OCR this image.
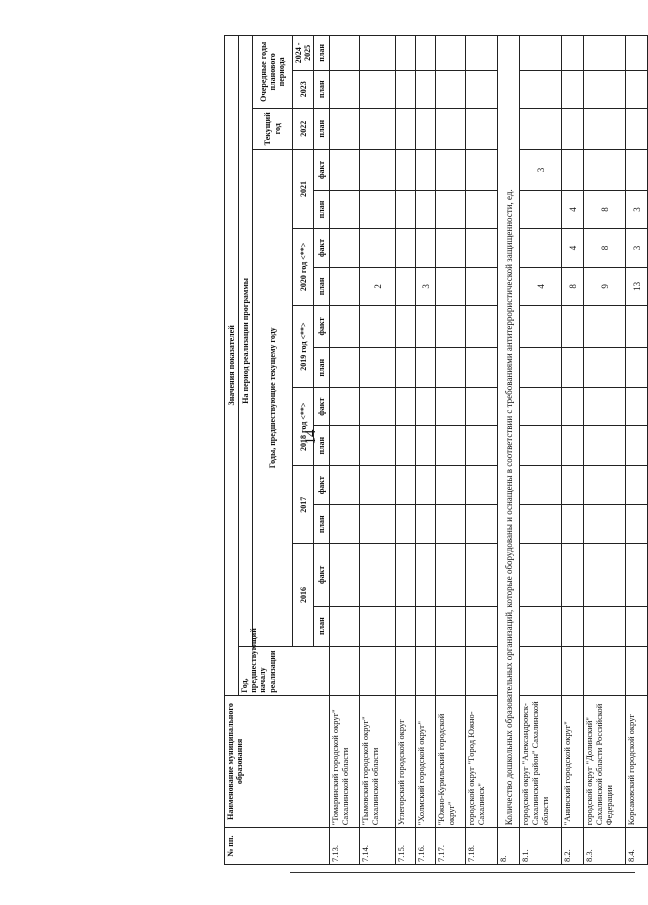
14
№ пп.	Наименование муниципального образования	Значения показателей															
		Год, предшествующий началу реализации	На период реализации программы														
			Годы, предшествующие текущему году												Текущий год	Очередные годы планового периода	
			2016		2017		2018 год <**>		2019 год <**>		2020 год <**>		2021		2022	2023	2024 - 2025
			план	факт	план	факт	план	факт	план	факт	план	факт	план	факт	план	план	план
7.13.	"Томаринский городской округ" Сахалинской области																
7.14.	"Тымовский городской округ" Сахалинской области										2						
7.15.	Углегорский городской округ																
7.16.	"Холмский городской округ"										3						
7.17.	"Южно-Курильский городской округ"																
7.18.	городской округ "Город Южно-Сахалинск"																
8.	Количество дошкольных образовательных организаций, которые оборудованы и оснащены в соответствии с требованиями антитеррористической защищенности, ед.																
8.1.	городской округ "Александровск-Сахалинский район" Сахалинской области										4			3			
8.2.	"Анивский городской округ"										8	4	4				
8.3.	городской округ "Долинский" Сахалинской области Российской Федерации										9	8	8				
8.4.	Корсаковский городской округ										13	3	3				
